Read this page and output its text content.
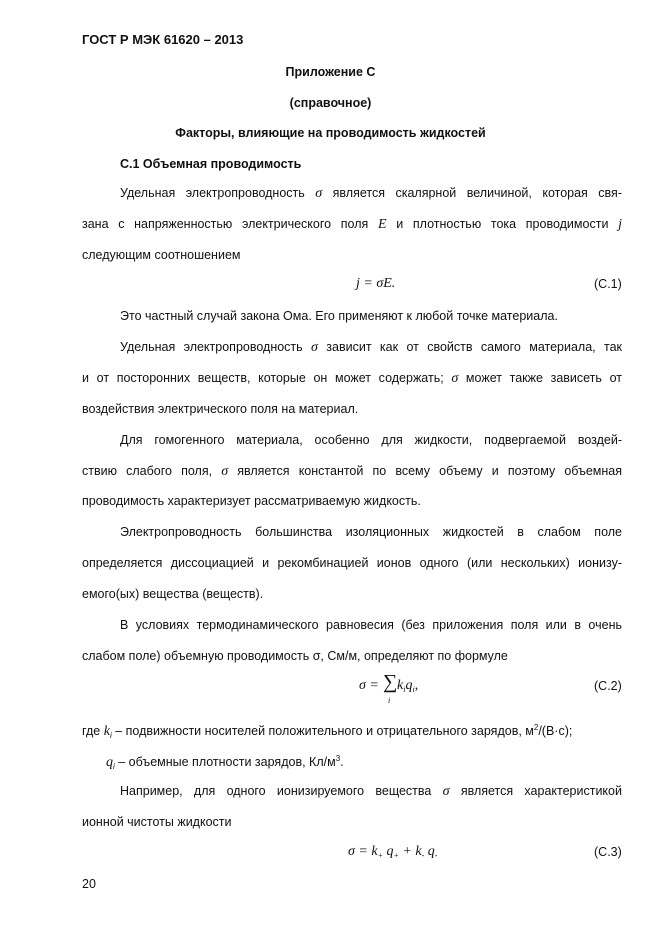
ГОСТ Р МЭК 61620 – 2013
Приложение С
(справочное)
Факторы, влияющие на проводимость жидкостей
С.1 Объемная проводимость
Удельная электропроводность σ является скалярной величиной, которая свя-
зана с напряженностью электрического поля E и плотностью тока проводимости j
следующим соотношением
j = σE.	(С.1)
Это частный случай закона Ома. Его применяют к любой точке материала.
Удельная электропроводность σ зависит как от свойств самого материала, так
и от посторонних веществ, которые он может содержать; σ может также зависеть от
воздействия электрического поля на материал.
Для гомогенного материала, особенно для жидкости, подвергаемой воздей-
ствию слабого поля, σ является константой по всему объему и поэтому объемная
проводимость характеризует рассматриваемую жидкость.
Электропроводность большинства изоляционных жидкостей в слабом поле
определяется диссоциацией и рекомбинацией ионов одного (или нескольких) ионизу-
емого(ых) вещества (веществ).
В условиях термодинамического равновесия (без приложения поля или в очень
слабом поле) объемную проводимость σ, См/м, определяют по формуле
σ = ∑
i
$k_iq_i$,	(С.2)
где $k_i$ – подвижности носителей положительного и отрицательного зарядов, $м^2/(В\cdot с)$;
$q_i$ – объемные плотности зарядов, $Кл/м^3$.
Например, для одного ионизируемого вещества σ является характеристикой
ионной чистоты жидкости
$\sigma = k_+$ $q_+ + k_-$ $q_-$	(С.3)
20
